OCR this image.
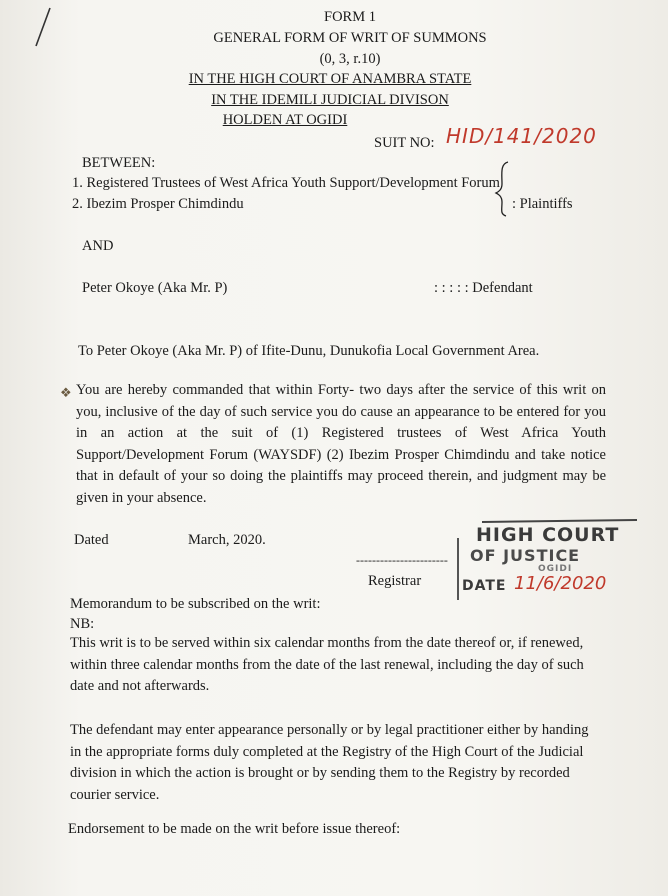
FORM 1
GENERAL FORM OF WRIT OF SUMMONS
(0, 3, r.10)
IN THE HIGH COURT OF ANAMBRA STATE
IN THE IDEMILI JUDICIAL DIVISON
HOLDEN AT OGIDI
SUIT NO: HID/141/2020
BETWEEN:
1. Registered Trustees of West Africa Youth Support/Development Forum
2. Ibezim Prosper Chimdindu	: Plaintiffs
AND
Peter Okoye (Aka Mr. P)	: : : : : Defendant
To Peter Okoye (Aka Mr. P) of Ifite-Dunu, Dunukofia Local Government Area.
❖ You are hereby commanded that within Forty- two days after the service of this writ on you, inclusive of the day of such service you do cause an appearance to be entered for you in an action at the suit of (1) Registered trustees of West Africa Youth Support/Development Forum (WAYSDF) (2) Ibezim Prosper Chimdindu and take notice that in default of your so doing the plaintiffs may proceed therein, and judgment may be given in your absence.
Dated	March, 2020.
-----------------------
Registrar
HIGH COURT
OF JUSTICE
OGIDI
DATE 11/6/2020
Memorandum to be subscribed on the writ:
NB:
This writ is to be served within six calendar months from the date thereof or, if renewed, within three calendar months from the date of the last renewal, including the day of such date and not afterwards.
The defendant may enter appearance personally or by legal practitioner either by handing in the appropriate forms duly completed at the Registry of the High Court of the Judicial division in which the action is brought or by sending them to the Registry by recorded courier service.
Endorsement to be made on the writ before issue thereof:
